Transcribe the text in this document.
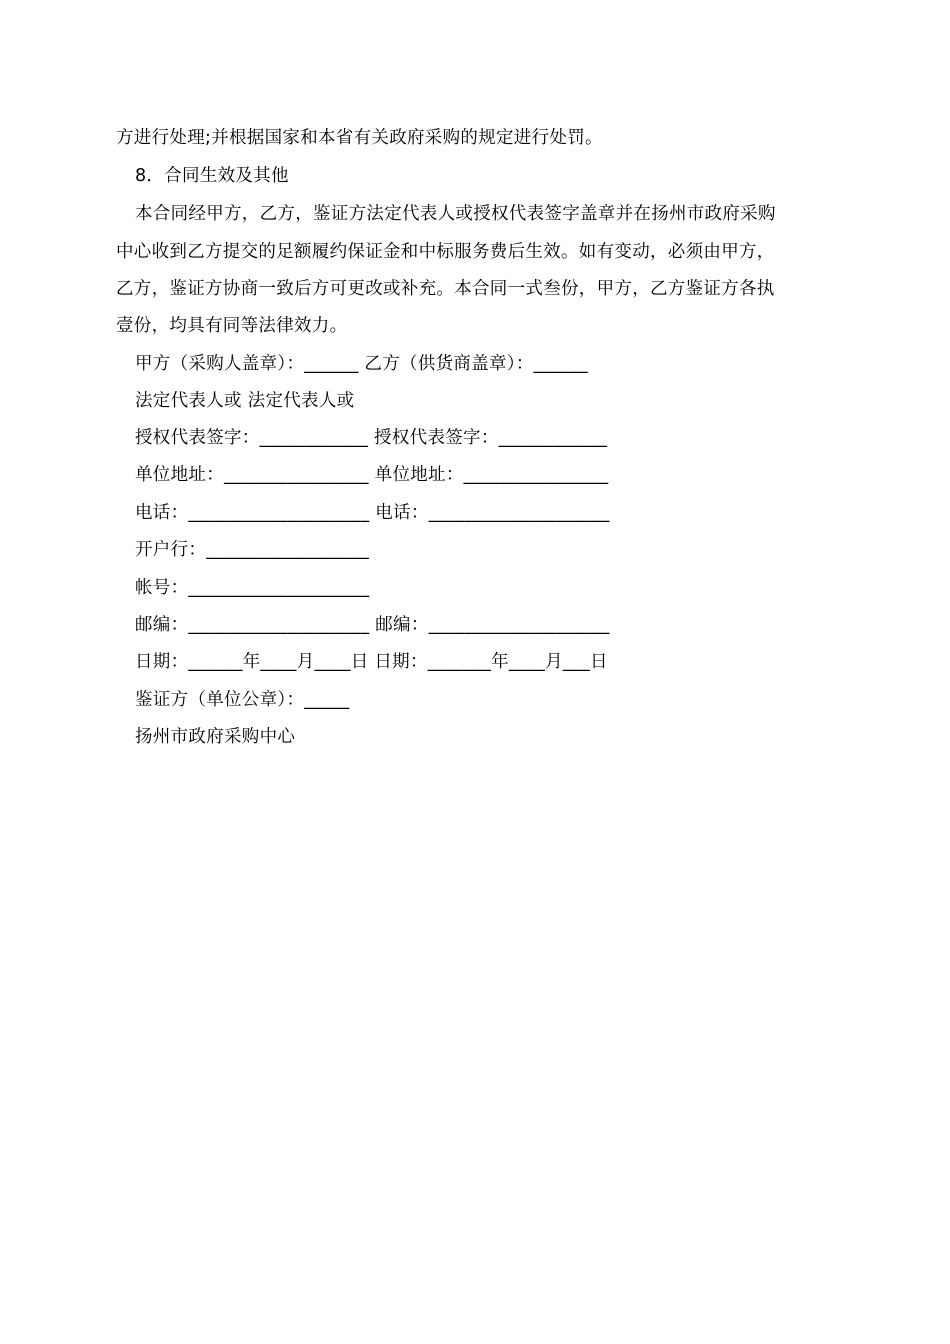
方进行处理;并根据国家和本省有关政府采购的规定进行处罚。
8．合同生效及其他
本合同经甲方，乙方，鉴证方法定代表人或授权代表签字盖章并在扬州市政府采购
中心收到乙方提交的足额履约保证金和中标服务费后生效。如有变动，必须由甲方，
乙方，鉴证方协商一致后方可更改或补充。本合同一式叁份，甲方，乙方鉴证方各执
壹份，均具有同等法律效力。
甲方（采购人盖章）：______ 乙方（供货商盖章）：______
法定代表人或 法定代表人或
授权代表签字：____________ 授权代表签字：____________
单位地址：________________ 单位地址：________________
电话：____________________ 电话：____________________
开户行：__________________
帐号：____________________
邮编：____________________ 邮编：____________________
日期：______年____月____日 日期：_______年____月___日
鉴证方（单位公章）：_____
扬州市政府采购中心
